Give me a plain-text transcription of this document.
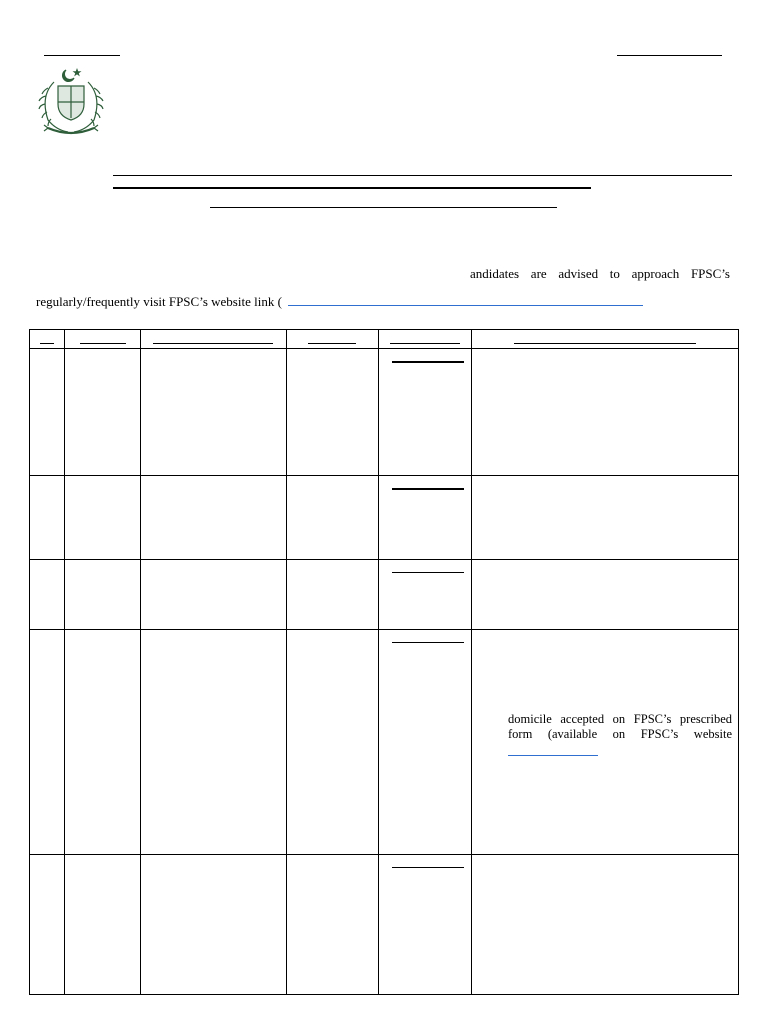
andidates are advised to approach FPSC’s
regularly/frequently visit FPSC’s website link (
domicile accepted on FPSC’s prescribed
form (available on FPSC’s website
